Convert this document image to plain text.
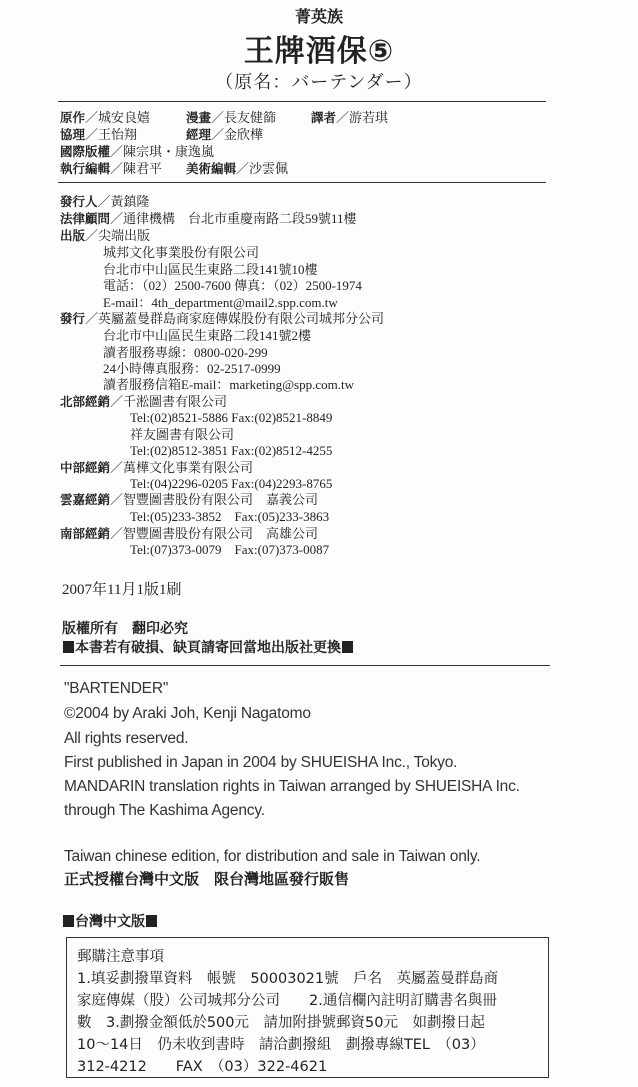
菁英族
王牌酒保⑤
（原名：バーテンダー）
原作／城安良嬉	漫畫／長友健篩	譯者／游若琪
協理／王怡翔	經理／金欣樺
國際版權／陳宗琪・康逸嵐
執行編輯／陳君平 美術編輯／沙雲佩
發行人／黃鎮隆
法律顧問／通律機構　台北市重慶南路二段59號11樓
出版／尖端出版
城邦文化事業股份有限公司
台北市中山區民生東路二段141號10樓
電話：（02）2500-7600 傳真：（02）2500-1974
E-mail：4th_department@mail2.spp.com.tw
發行／英屬蓋曼群島商家庭傳媒股份有限公司城邦分公司
台北市中山區民生東路二段141號2樓
讀者服務專線：0800-020-299
24小時傳真服務：02-2517-0999
讀者服務信箱E-mail：marketing@spp.com.tw
北部經銷／千淞圖書有限公司
Tel:(02)8521-5886 Fax:(02)8521-8849
祥友圖書有限公司
Tel:(02)8512-3851 Fax:(02)8512-4255
中部經銷／萬樺文化事業有限公司
Tel:(04)2296-0205 Fax:(04)2293-8765
雲嘉經銷／智豐圖書股份有限公司　嘉義公司
Tel:(05)233-3852　Fax:(05)233-3863
南部經銷／智豐圖書股份有限公司　高雄公司
Tel:(07)373-0079　Fax:(07)373-0087
2007年11月1版1刷
版權所有　翻印必究
本書若有破損、缺頁請寄回當地出版社更換
"BARTENDER"
©2004 by Araki Joh, Kenji Nagatomo
All rights reserved.
First published in Japan in 2004 by SHUEISHA Inc., Tokyo.
MANDARIN translation rights in Taiwan arranged by SHUEISHA Inc.
through The Kashima Agency.
Taiwan chinese edition, for distribution and sale in Taiwan only.
正式授權台灣中文版　限台灣地區發行販售
台灣中文版
郵購注意事項
1.填妥劃撥單資料　帳號　50003021號　戶名　英屬蓋曼群島商
家庭傳媒（股）公司城邦分公司　　2.通信欄內註明訂購書名與冊
數　3.劃撥金額低於500元　請加附掛號郵資50元　如劃撥日起
10～14日　仍未收到書時　請洽劃撥組　劃撥專線TEL　（03）
312-4212　　FAX　（03）322-4621
